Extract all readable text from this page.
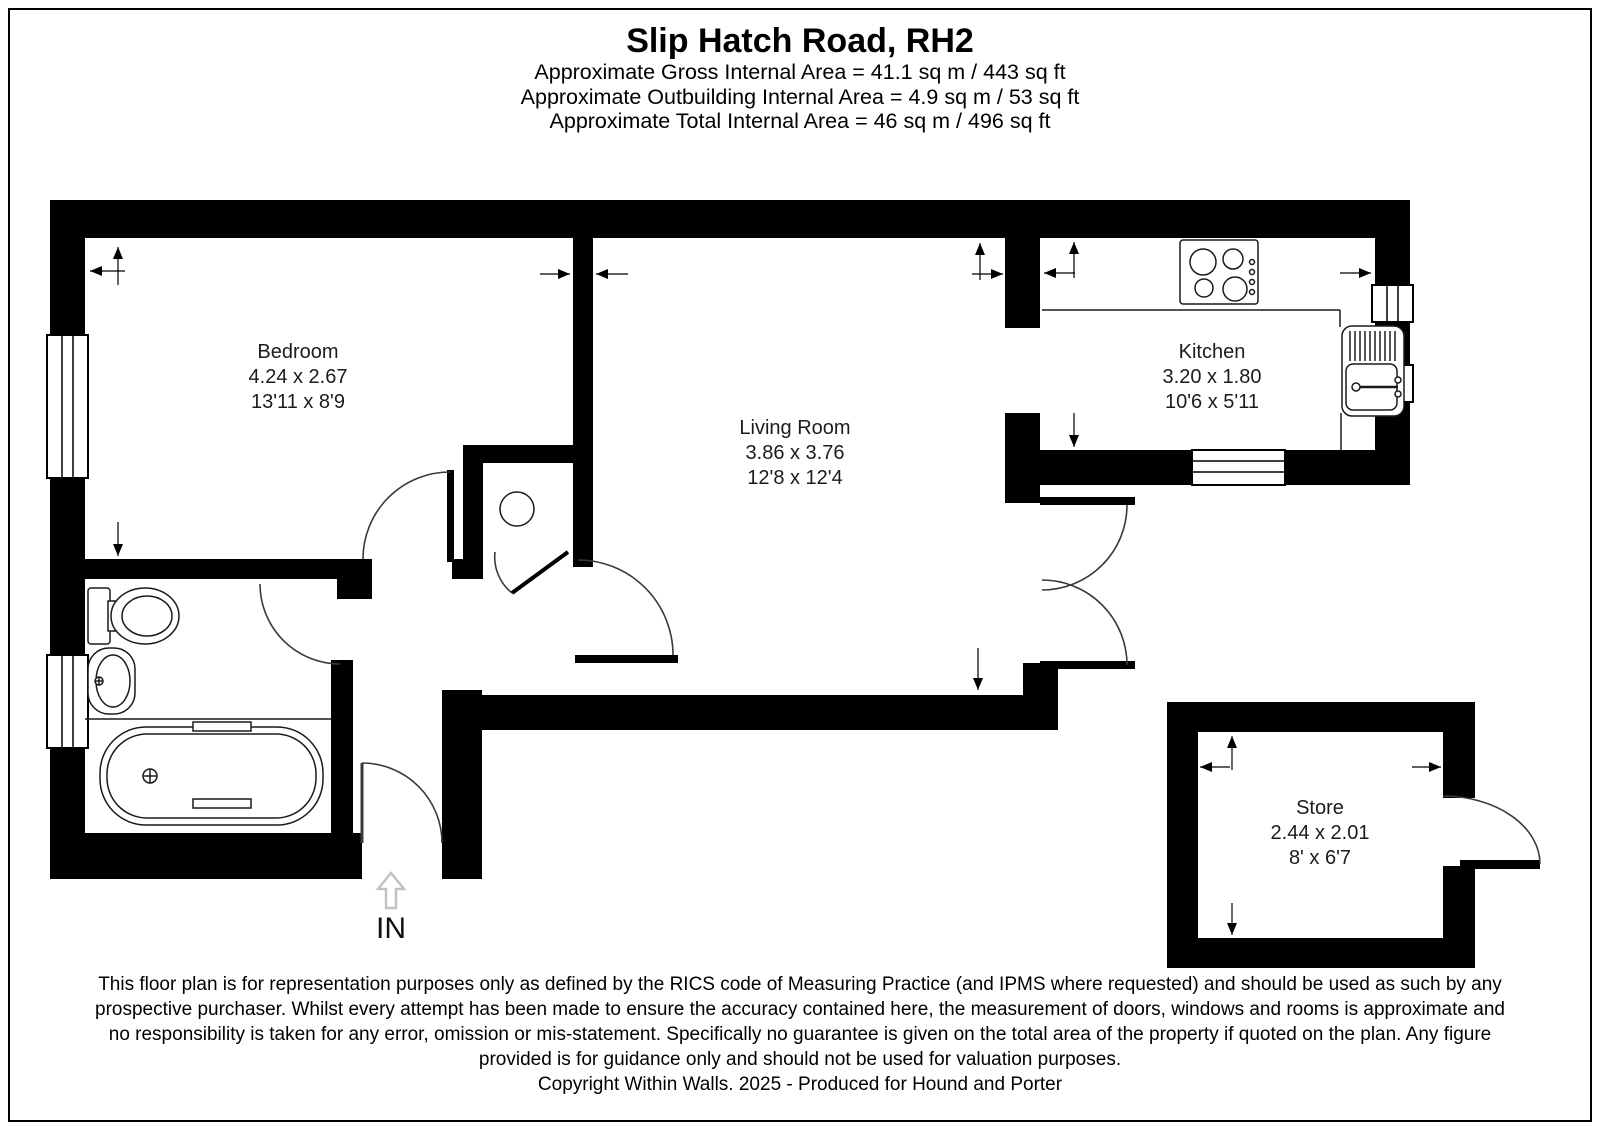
Slip Hatch Road, RH2
Approximate Gross Internal Area = 41.1 sq m / 443 sq ft
Approximate Outbuilding Internal Area = 4.9 sq m / 53 sq ft
Approximate Total Internal Area = 46 sq m / 496 sq ft
Bedroom
4.24 x 2.67
13'11 x 8'9
Living Room
3.86 x 3.76
12'8 x 12'4
Kitchen
3.20 x 1.80
10'6 x 5'11
Store
2.44 x 2.01
8' x 6'7
IN

This floor plan is for representation purposes only as defined by the RICS code of Measuring Practice (and IPMS where requested) and should be used as such by any prospective purchaser. Whilst every attempt has been made to ensure the accuracy contained here, the measurement of doors, windows and rooms is approximate and no responsibility is taken for any error, omission or mis-statement. Specifically no guarantee is given on the total area of the property if quoted on the plan. Any figure provided is for guidance only and should not be used for valuation purposes.

Copyright Within Walls. 2025 - Produced for Hound and Porter
